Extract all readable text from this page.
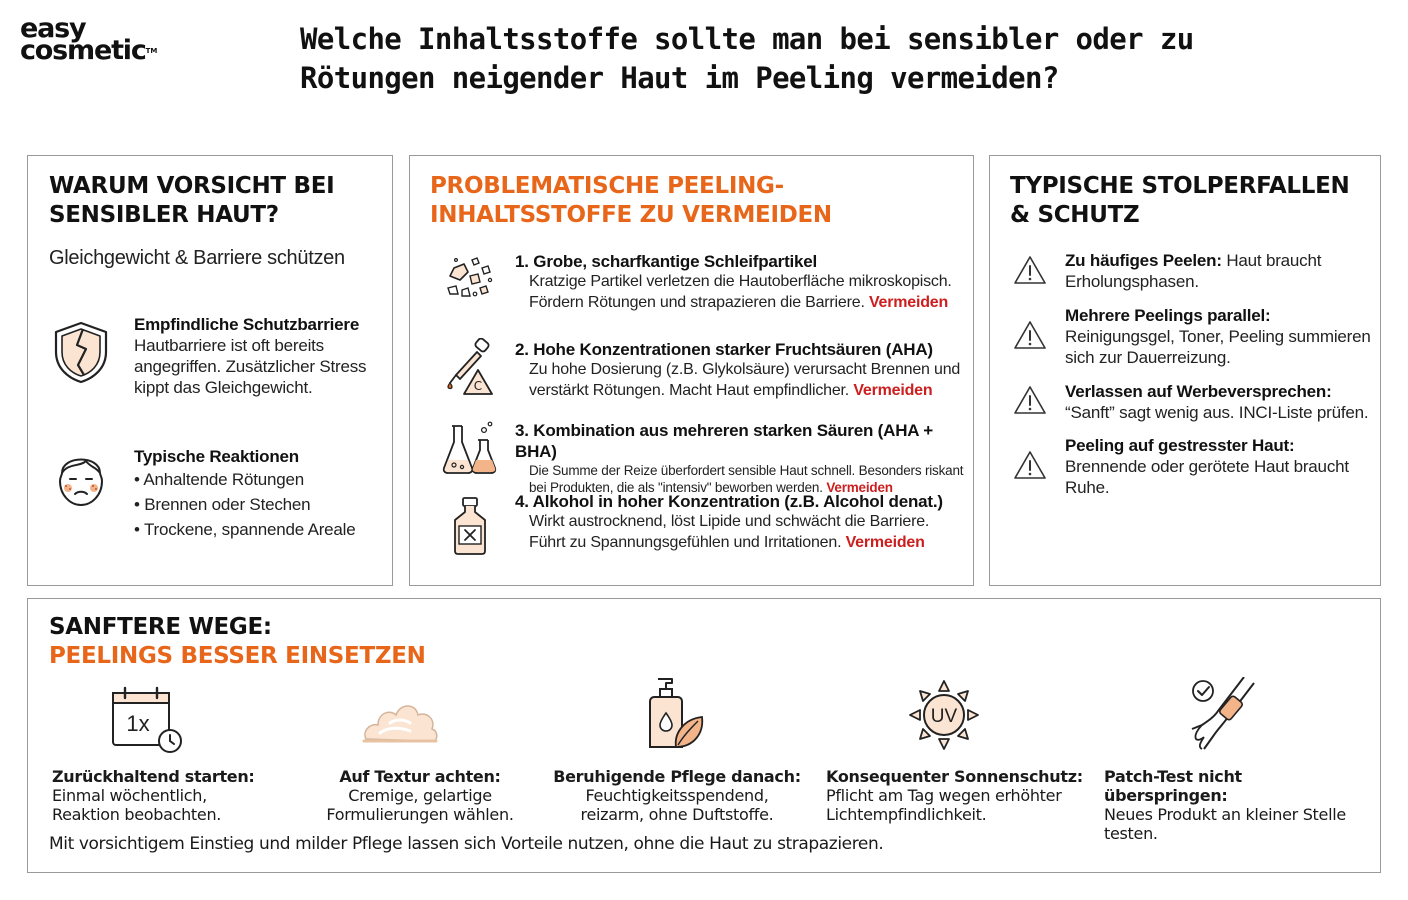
easy
cosmetic™	Welche Inhaltsstoffe sollte man bei sensibler oder zu
Rötungen neigender Haut im Peeling vermeiden?
WARUM VORSICHT BEI
SENSIBLER HAUT?
Gleichgewicht & Barriere schützen
Empfindliche Schutzbarriere
Hautbarriere ist oft bereits angegriffen. Zusätzlicher Stress kippt das Gleichgewicht.
Typische Reaktionen
• Anhaltende Rötungen
• Brennen oder Stechen
• Trockene, spannende Areale
PROBLEMATISCHE PEELING-
INHALTSSTOFFE ZU VERMEIDEN
1. Grobe, scharfkantige Schleifpartikel
Kratzige Partikel verletzen die Hautoberfläche mikroskopisch. Fördern Rötungen und strapazieren die Barriere. Vermeiden
C
2. Hohe Konzentrationen starker Fruchtsäuren (AHA)
Zu hohe Dosierung (z.B. Glykolsäure) verursacht Brennen und verstärkt Rötungen. Macht Haut empfindlicher. Vermeiden
3. Kombination aus mehreren starken Säuren (AHA + BHA)
Die Summe der Reize überfordert sensible Haut schnell. Besonders riskant bei Produkten, die als "intensiv" beworben werden. Vermeiden
4. Alkohol in hoher Konzentration (z.B. Alcohol denat.)
Wirkt austrocknend, löst Lipide und schwächt die Barriere. Führt zu Spannungsgefühlen und Irritationen. Vermeiden
TYPISCHE STOLPERFALLEN
& SCHUTZ
Zu häufiges Peelen: Haut braucht Erholungsphasen.
Mehrere Peelings parallel:
Reinigungsgel, Toner, Peeling summieren sich zur Dauerreizung.
Verlassen auf Werbeversprechen:
“Sanft” sagt wenig aus. INCI-Liste prüfen.
Peeling auf gestresster Haut:
Brennende oder gerötete Haut braucht Ruhe.
SANFTERE WEGE:
PEELINGS BESSER EINSETZEN
1x
Zurückhaltend starten:
Einmal wöchentlich,
Reaktion beobachten.
Auf Textur achten:
Cremige, gelartige
Formulierungen wählen.
Beruhigende Pflege danach:
Feuchtigkeitsspendend,
reizarm, ohne Duftstoffe.
UV
Konsequenter Sonnenschutz:
Pflicht am Tag wegen erhöhter
Lichtempfindlichkeit.
Patch-Test nicht überspringen:
Neues Produkt an kleiner Stelle
testen.
Mit vorsichtigem Einstieg und milder Pflege lassen sich Vorteile nutzen, ohne die Haut zu strapazieren.
